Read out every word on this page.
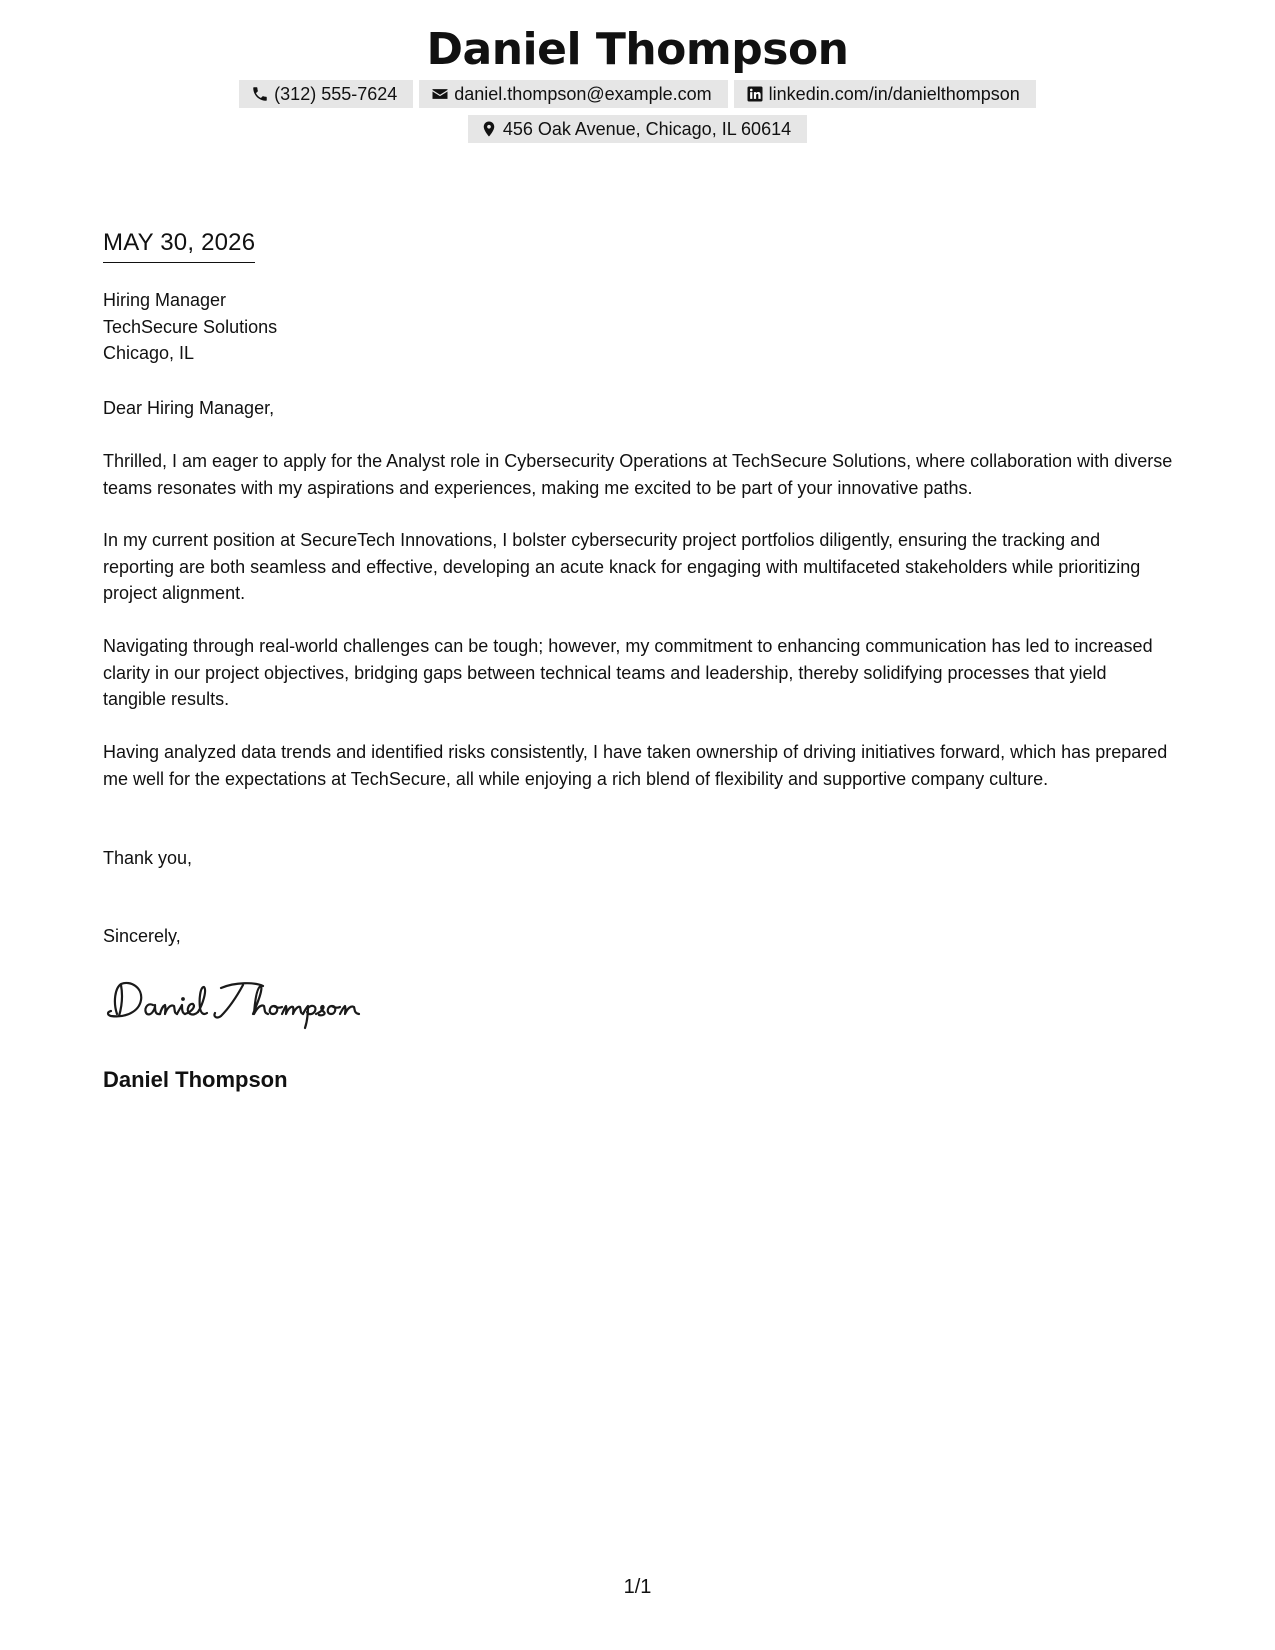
Daniel Thompson
(312) 555-7624	daniel.thompson@example.com	linkedin.com/in/danielthompson
456 Oak Avenue, Chicago, IL 60614
MAY 30, 2026
Hiring Manager
TechSecure Solutions
Chicago, IL

Dear Hiring Manager,

Thrilled, I am eager to apply for the Analyst role in Cybersecurity Operations at TechSecure Solutions, where collaboration with diverse teams resonates with my aspirations and experiences, making me excited to be part of your innovative paths.

In my current position at SecureTech Innovations, I bolster cybersecurity project portfolios diligently, ensuring the tracking and reporting are both seamless and effective, developing an acute knack for engaging with multifaceted stakeholders while prioritizing project alignment.

Navigating through real-world challenges can be tough; however, my commitment to enhancing communication has led to increased clarity in our project objectives, bridging gaps between technical teams and leadership, thereby solidifying processes that yield tangible results.

Having analyzed data trends and identified risks consistently, I have taken ownership of driving initiatives forward, which has prepared me well for the expectations at TechSecure, all while enjoying a rich blend of flexibility and supportive company culture.

Thank you,

Sincerely,

Daniel Thompson
1/1
